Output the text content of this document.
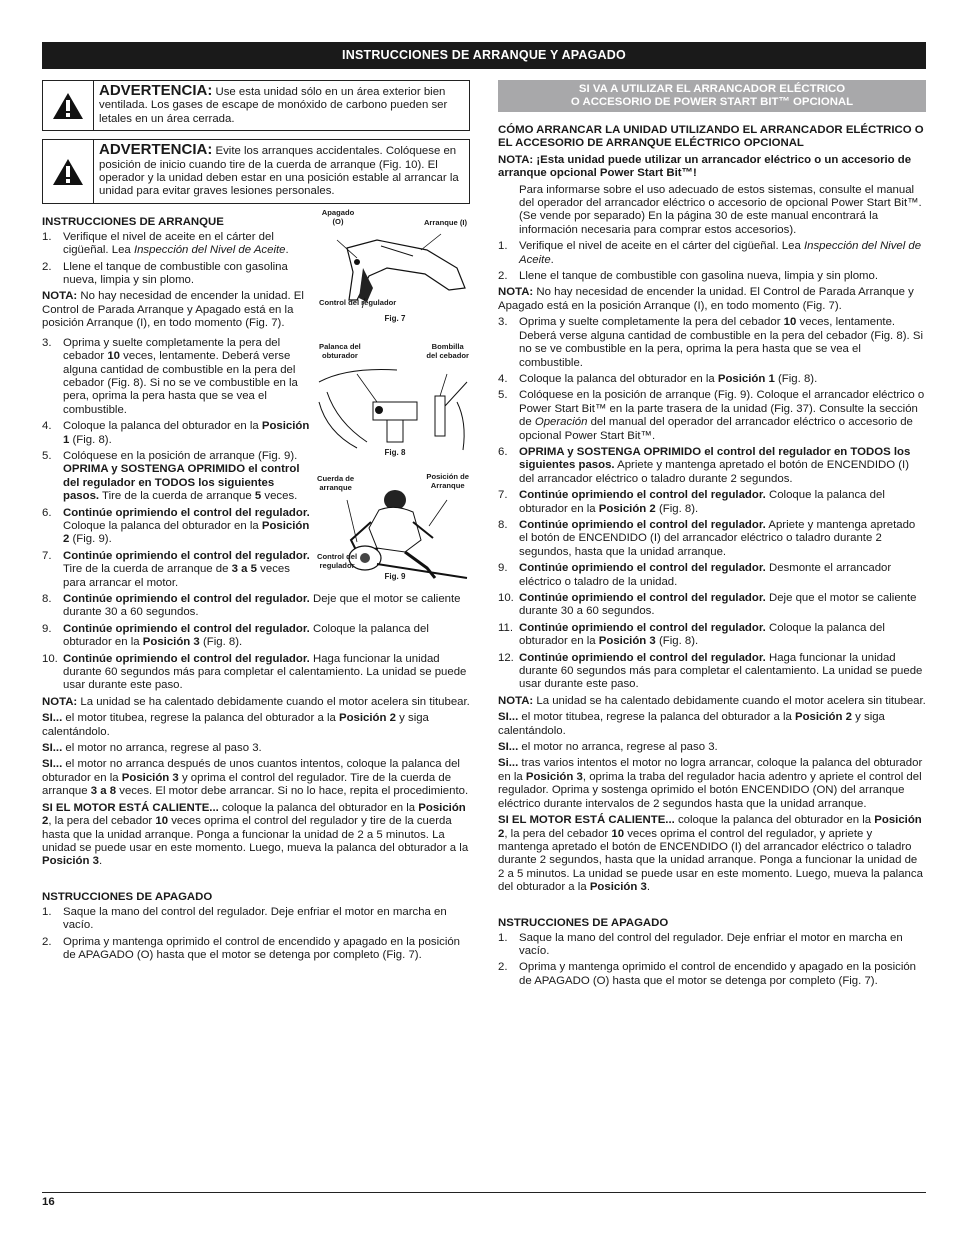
INSTRUCCIONES DE ARRANQUE Y APAGADO
ADVERTENCIA: Use esta unidad sólo en un área exterior bien ventilada. Los gases de escape de monóxido de carbono pueden ser letales en un área cerrada.
ADVERTENCIA: Evite los arranques accidentales. Colóquese en posición de inicio cuando tire de la cuerda de arranque (Fig. 10). El operador y la unidad deben estar en una posición estable al arrancar la unidad para evitar graves lesiones personales.
INSTRUCCIONES DE ARRANQUE
1. Verifique el nivel de aceite en el cárter del cigüeñal. Lea Inspección del Nivel de Aceite.
2. Llene el tanque de combustible con gasolina nueva, limpia y sin plomo.

NOTA: No hay necesidad de encender la unidad. El Control de Parada Arranque y Apagado está en la posición Arranque (I), en todo momento (Fig. 7).

3. Oprima y suelte completamente la pera del cebador 10 veces, lentamente. Deberá verse alguna cantidad de combustible en la pera del cebador (Fig. 8). Si no se ve combustible en la pera, oprima la pera hasta que se vea el combustible.
4. Coloque la palanca del obturador en la Posición 1 (Fig. 8).
5. Colóquese en la posición de arranque (Fig. 9). OPRIMA y SOSTENGA OPRIMIDO el control del regulador en TODOS los siguientes pasos. Tire de la cuerda de arranque 5 veces.
6. Continúe oprimiendo el control del regulador. Coloque la palanca del obturador en la Posición 2 (Fig. 9).
7. Continúe oprimiendo el control del regulador. Tire de la cuerda de arranque de 3 a 5 veces para arrancar el motor.
8. Continúe oprimiendo el control del regulador. Deje que el motor se caliente durante 30 a 60 segundos.
9. Continúe oprimiendo el control del regulador. Coloque la palanca del obturador en la Posición 3 (Fig. 8).
10. Continúe oprimiendo el control del regulador. Haga funcionar la unidad durante 60 segundos más para completar el calentamiento. La unidad se puede usar durante este paso.

NOTA: La unidad se ha calentado debidamente cuando el motor acelera sin titubear.

SI... el motor titubea, regrese la palanca del obturador a la Posición 2 y siga calentándolo.

SI... el motor no arranca, regrese al paso 3.

SI... el motor no arranca después de unos cuantos intentos, coloque la palanca del obturador en la Posición 3 y oprima el control del regulador. Tire de la cuerda de arranque 3 a 8 veces. El motor debe arrancar. Si no lo hace, repita el procedimiento.

SI EL MOTOR ESTÁ CALIENTE... coloque la palanca del obturador en la Posición 2, la pera del cebador 10 veces oprima el control del regulador y tire de la cuerda hasta que la unidad arranque. Ponga a funcionar la unidad de 2 a 5 minutos. La unidad se puede usar en este momento. Luego, mueva la palanca del obturador a la Posición 3.

NSTRUCCIONES DE APAGADO
1. Saque la mano del control del regulador. Deje enfriar el motor en marcha en vacío.
2. Oprima y mantenga oprimido el control de encendido y apagado en la posición de APAGADO (O) hasta que el motor se detenga por completo (Fig. 7).
Apagado
(O)	Arranque (I)
Control del regulador
Fig. 7
Palanca del
obturador
Bombilla
del cebador
Fig. 8
Cuerda de
arranque
Posición de
Arranque
Control del
regulador
Fig. 9
SI VA A UTILIZAR EL ARRANCADOR ELÉCTRICO
O ACCESORIO DE POWER START BIT™ OPCIONAL

CÓMO ARRANCAR LA UNIDAD UTILIZANDO EL ARRANCADOR ELÉCTRICO O EL ACCESORIO DE ARRANQUE ELÉCTRICO OPCIONAL

NOTA: ¡Esta unidad puede utilizar un arrancador eléctrico o un accesorio de arranque opcional Power Start Bit™!

Para informarse sobre el uso adecuado de estos sistemas, consulte el manual del operador del arrancador eléctrico o accesorio de opcional Power Start Bit™. (Se vende por separado) En la página 30 de este manual encontrará la información necesaria para comprar estos accesorios).

1. Verifique el nivel de aceite en el cárter del cigüeñal. Lea Inspección del Nivel de Aceite.
2. Llene el tanque de combustible con gasolina nueva, limpia y sin plomo.

NOTA: No hay necesidad de encender la unidad. El Control de Parada Arranque y Apagado está en la posición Arranque (I), en todo momento (Fig. 7).

3. Oprima y suelte completamente la pera del cebador 10 veces, lentamente. Deberá verse alguna cantidad de combustible en la pera del cebador (Fig. 8). Si no se ve combustible en la pera, oprima la pera hasta que se vea el combustible.
4. Coloque la palanca del obturador en la Posición 1 (Fig. 8).
5. Colóquese en la posición de arranque (Fig. 9). Coloque el arrancador eléctrico o Power Start Bit™ en la parte trasera de la unidad (Fig. 37). Consulte la sección de Operación del manual del operador del arrancador eléctrico o accesorio de opcional Power Start Bit™.
6. OPRIMA y SOSTENGA OPRIMIDO el control del regulador en TODOS los siguientes pasos. Apriete y mantenga apretado el botón de ENCENDIDO (I) del arrancador eléctrico o taladro durante 2 segundos.
7. Continúe oprimiendo el control del regulador. Coloque la palanca del obturador en la Posición 2 (Fig. 8).
8. Continúe oprimiendo el control del regulador. Apriete y mantenga apretado el botón de ENCENDIDO (I) del arrancador eléctrico o taladro durante 2 segundos, hasta que la unidad arranque.
9. Continúe oprimiendo el control del regulador. Desmonte el arrancador eléctrico o taladro de la unidad.
10. Continúe oprimiendo el control del regulador. Deje que el motor se caliente durante 30 a 60 segundos.
11. Continúe oprimiendo el control del regulador. Coloque la palanca del obturador en la Posición 3 (Fig. 8).
12. Continúe oprimiendo el control del regulador. Haga funcionar la unidad durante 60 segundos más para completar el calentamiento. La unidad se puede usar durante este paso.

NOTA: La unidad se ha calentado debidamente cuando el motor acelera sin titubear.

SI... el motor titubea, regrese la palanca del obturador a la Posición 2 y siga calentándolo.

SI... el motor no arranca, regrese al paso 3.

Si... tras varios intentos el motor no logra arrancar, coloque la palanca del obturador en la Posición 3, oprima la traba del regulador hacia adentro y apriete el control del regulador. Oprima y sostenga oprimido el botón ENCENDIDO (ON) del arranque eléctrico durante intervalos de 2 segundos hasta que la unidad arranque.

SI EL MOTOR ESTÁ CALIENTE... coloque la palanca del obturador en la Posición 2, la pera del cebador 10 veces oprima el control del regulador, y apriete y mantenga apretado el botón de ENCENDIDO (I) del arrancador eléctrico o taladro durante 2 segundos, hasta que la unidad arranque. Ponga a funcionar la unidad de 2 a 5 minutos. La unidad se puede usar en este momento. Luego, mueva la palanca del obturador a la Posición 3.

NSTRUCCIONES DE APAGADO
1. Saque la mano del control del regulador. Deje enfriar el motor en marcha en vacío.
2. Oprima y mantenga oprimido el control de encendido y apagado en la posición de APAGADO (O) hasta que el motor se detenga por completo (Fig. 7).
16
